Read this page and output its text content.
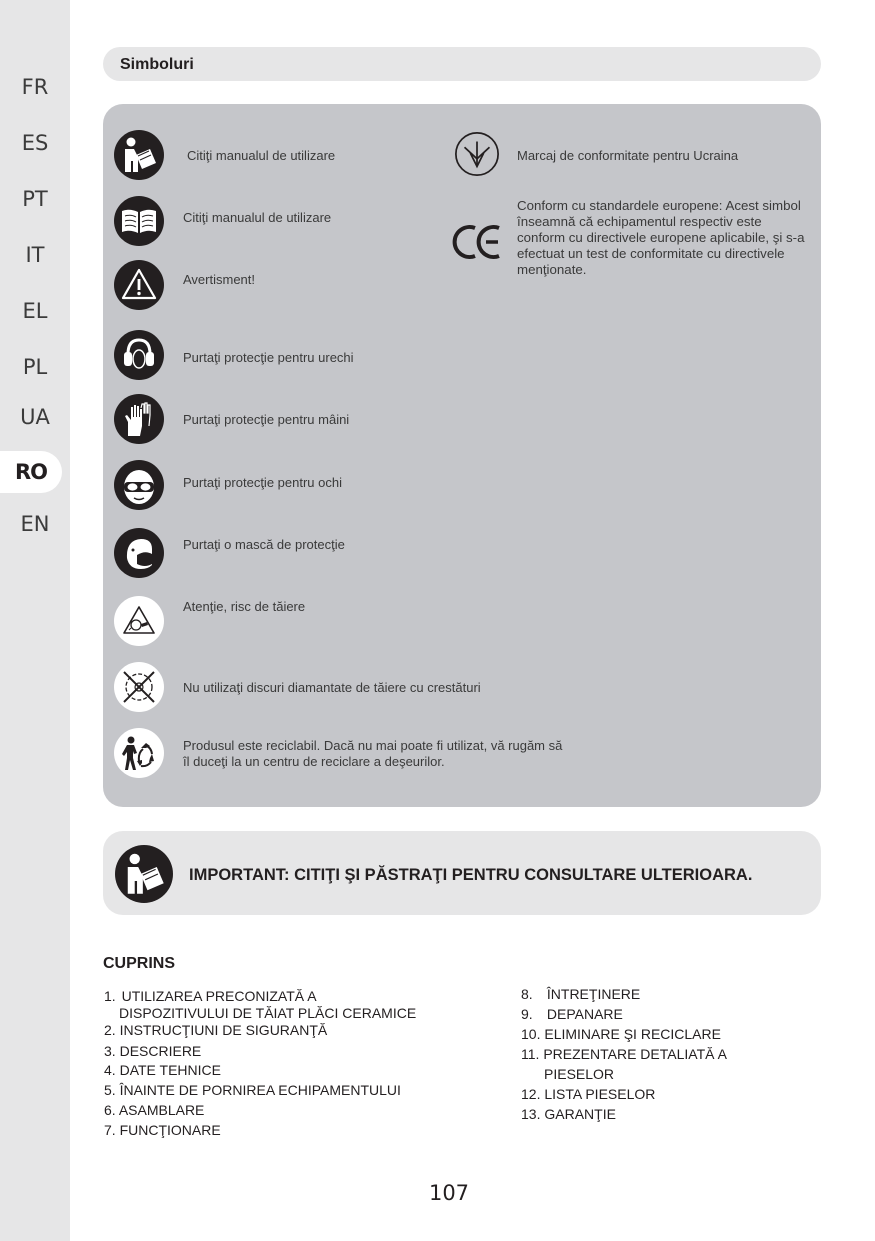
FR
ES
PT
IT
EL
PL
UA
RO
EN
Simboluri
Citiţi manualul de utilizare
Citiţi manualul de utilizare
Avertisment!
Purtaţi protecţie pentru urechi
Purtaţi protecţie pentru mâini
Purtaţi protecţie pentru ochi
Purtaţi o mască de protecţie
Atenţie, risc de tăiere
Nu utilizaţi discuri diamantate de tăiere cu crestături
Produsul este reciclabil. Dacă nu mai poate fi utilizat, vă rugăm să îl duceţi la un centru de reciclare a deşeurilor.
Marcaj de conformitate pentru Ucraina
Conform cu standardele europene: Acest simbol înseamnă că echipamentul respectiv este conform cu directivele europene aplicabile, şi s-a efectuat un test de conformitate cu directivele menţionate.
IMPORTANT: CITIŢI ŞI PĂSTRAŢI PENTRU CONSULTARE ULTERIOARA.
CUPRINS
1. UTILIZAREA PRECONIZATĂ A
DISPOZITIVULUI DE TĂIAT PLĂCI CERAMICE
2. INSTRUCŢIUNI DE SIGURANŢĂ
3. DESCRIERE
4. DATE TEHNICE
5. ÎNAINTE DE PORNIREA ECHIPAMENTULUI
6. ASAMBLARE
7. FUNCŢIONARE
8. ÎNTREŢINERE
9. DEPANARE
10. ELIMINARE ŞI RECICLARE
11. PREZENTARE DETALIATĂ A
PIESELOR
12. LISTA PIESELOR
13. GARANŢIE
107
